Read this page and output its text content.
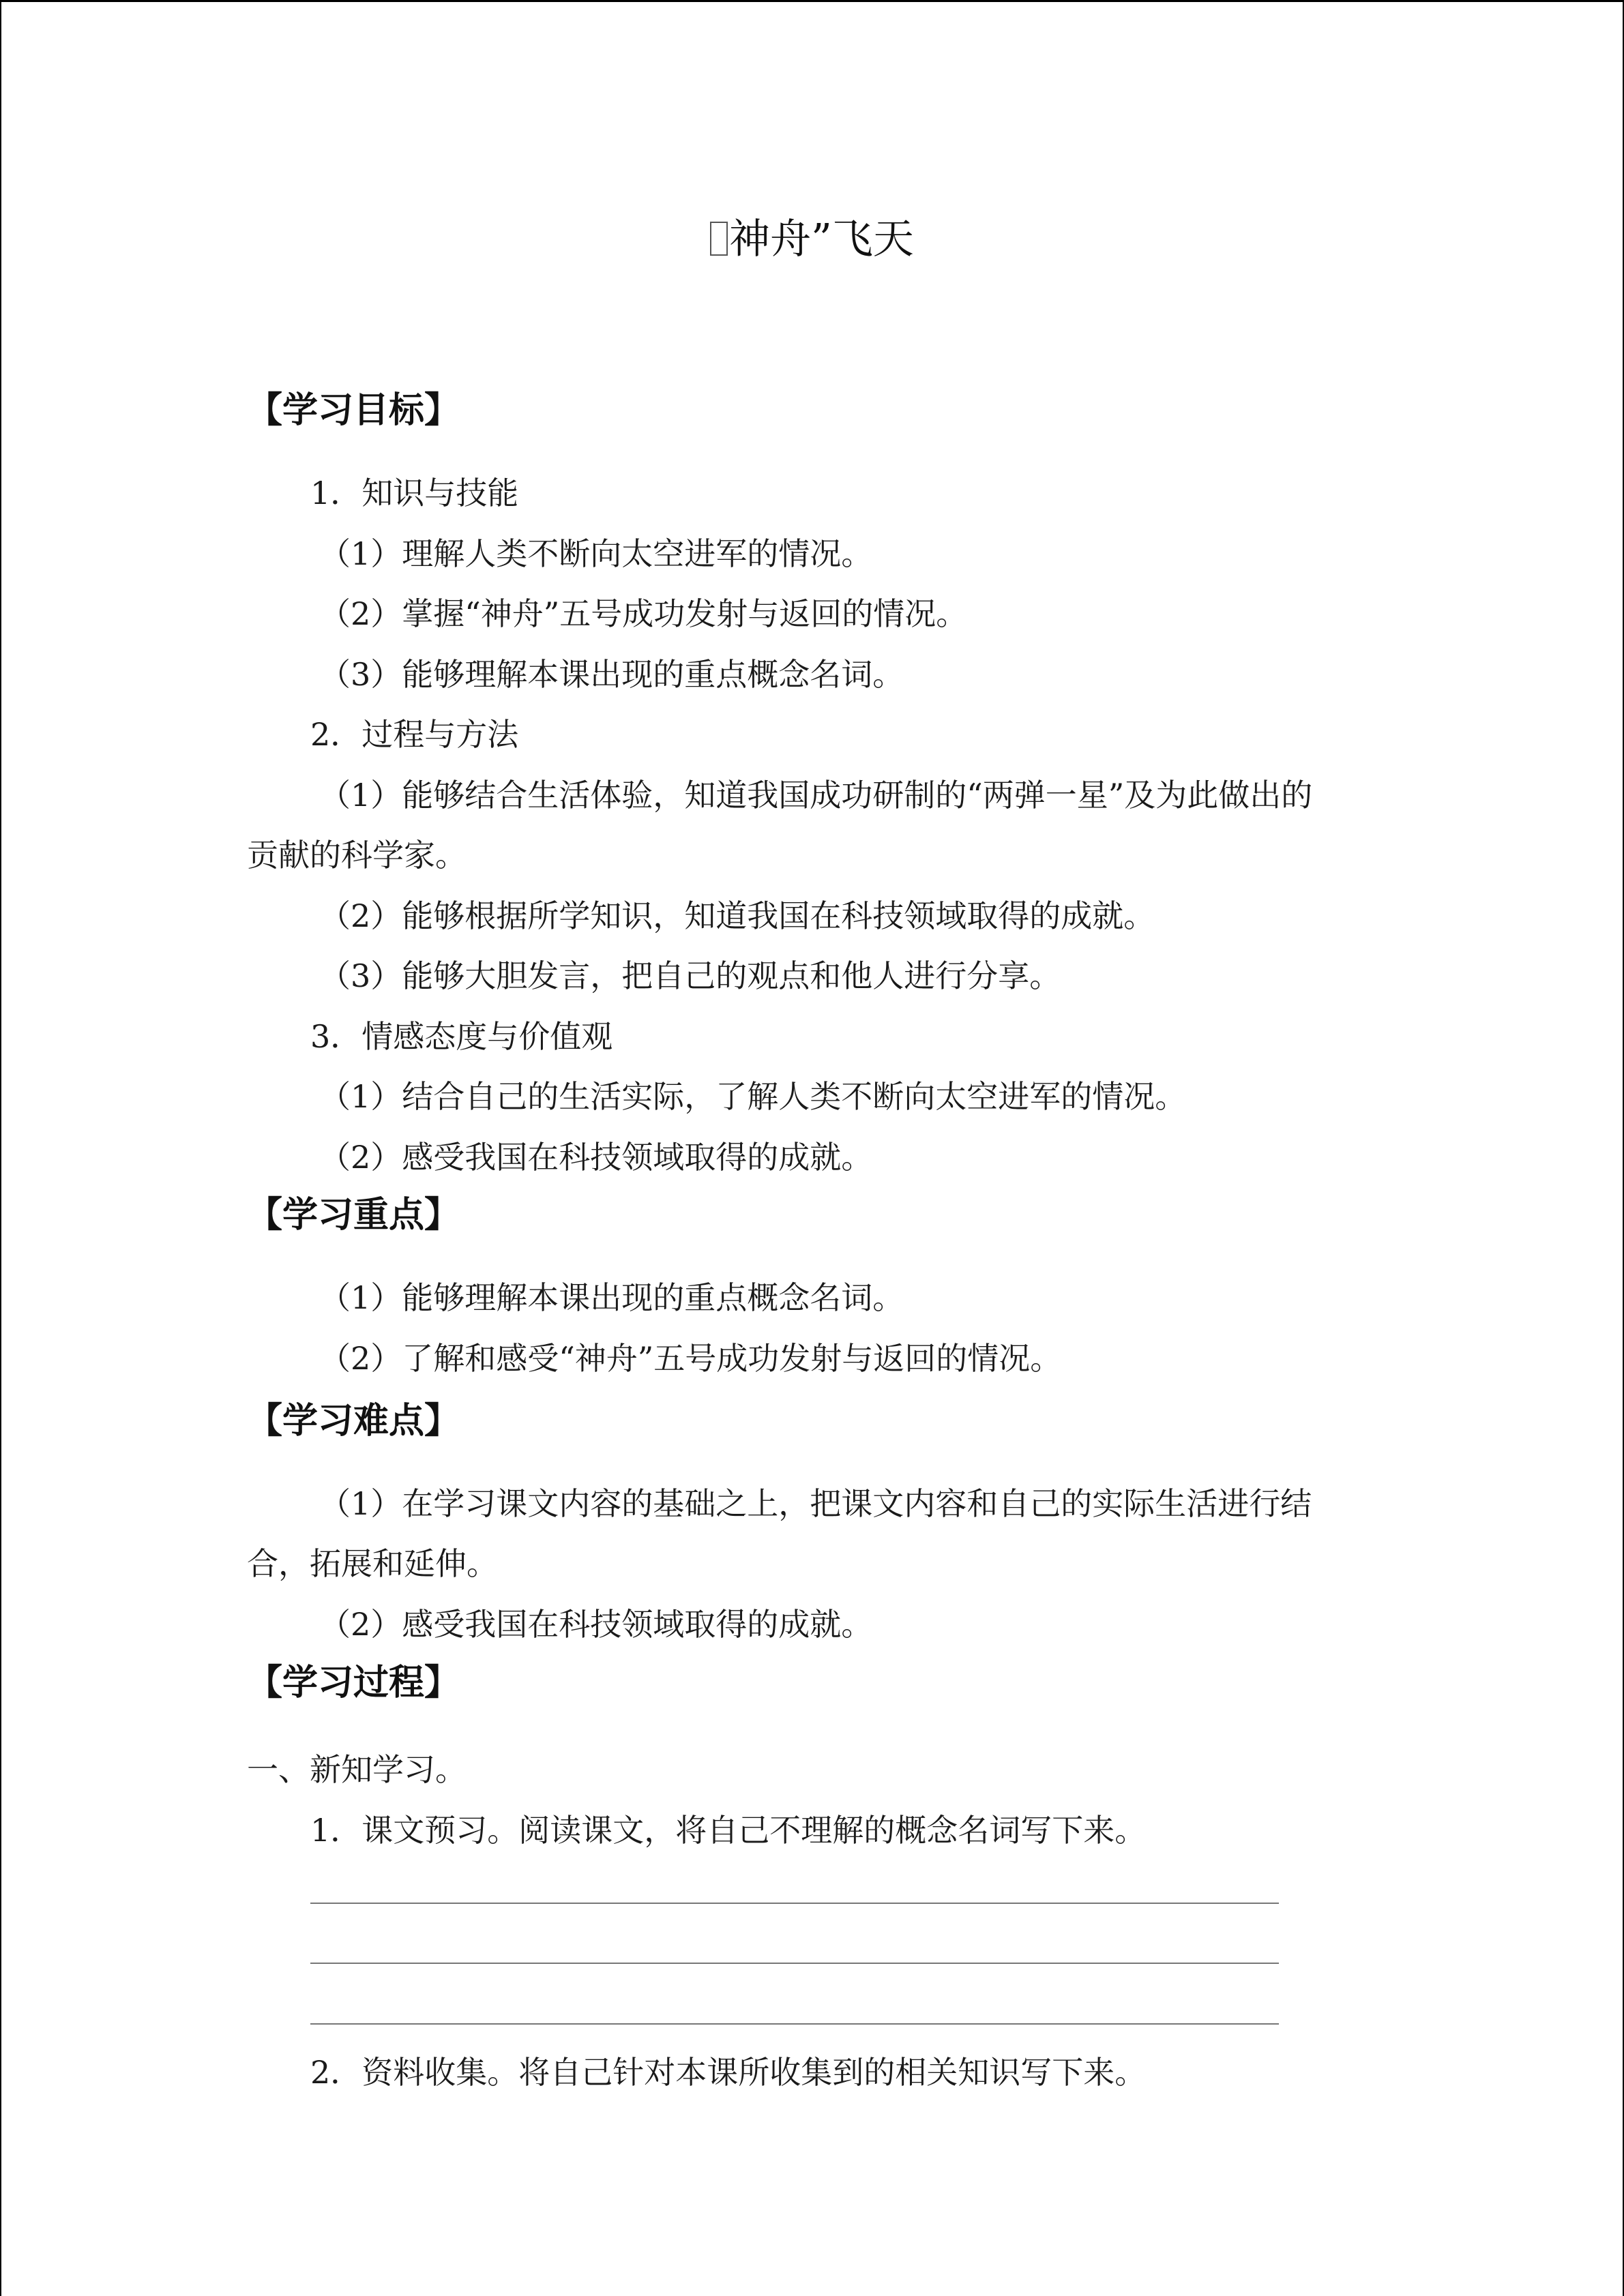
神舟”飞天
【学习目标】
1．知识与技能
（1）理解人类不断向太空进军的情况。
（2）掌握“神舟”五号成功发射与返回的情况。
（3）能够理解本课出现的重点概念名词。
2．过程与方法
（1）能够结合生活体验，知道我国成功研制的“两弹一星”及为此做出的
贡献的科学家。
（2）能够根据所学知识，知道我国在科技领域取得的成就。
（3）能够大胆发言，把自己的观点和他人进行分享。
3．情感态度与价值观
（1）结合自己的生活实际，了解人类不断向太空进军的情况。
（2）感受我国在科技领域取得的成就。
【学习重点】
（1）能够理解本课出现的重点概念名词。
（2）了解和感受“神舟”五号成功发射与返回的情况。
【学习难点】
（1）在学习课文内容的基础之上，把课文内容和自己的实际生活进行结
合，拓展和延伸。
（2）感受我国在科技领域取得的成就。
【学习过程】
一、新知学习。
1．课文预习。阅读课文，将自己不理解的概念名词写下来。
2．资料收集。将自己针对本课所收集到的相关知识写下来。
